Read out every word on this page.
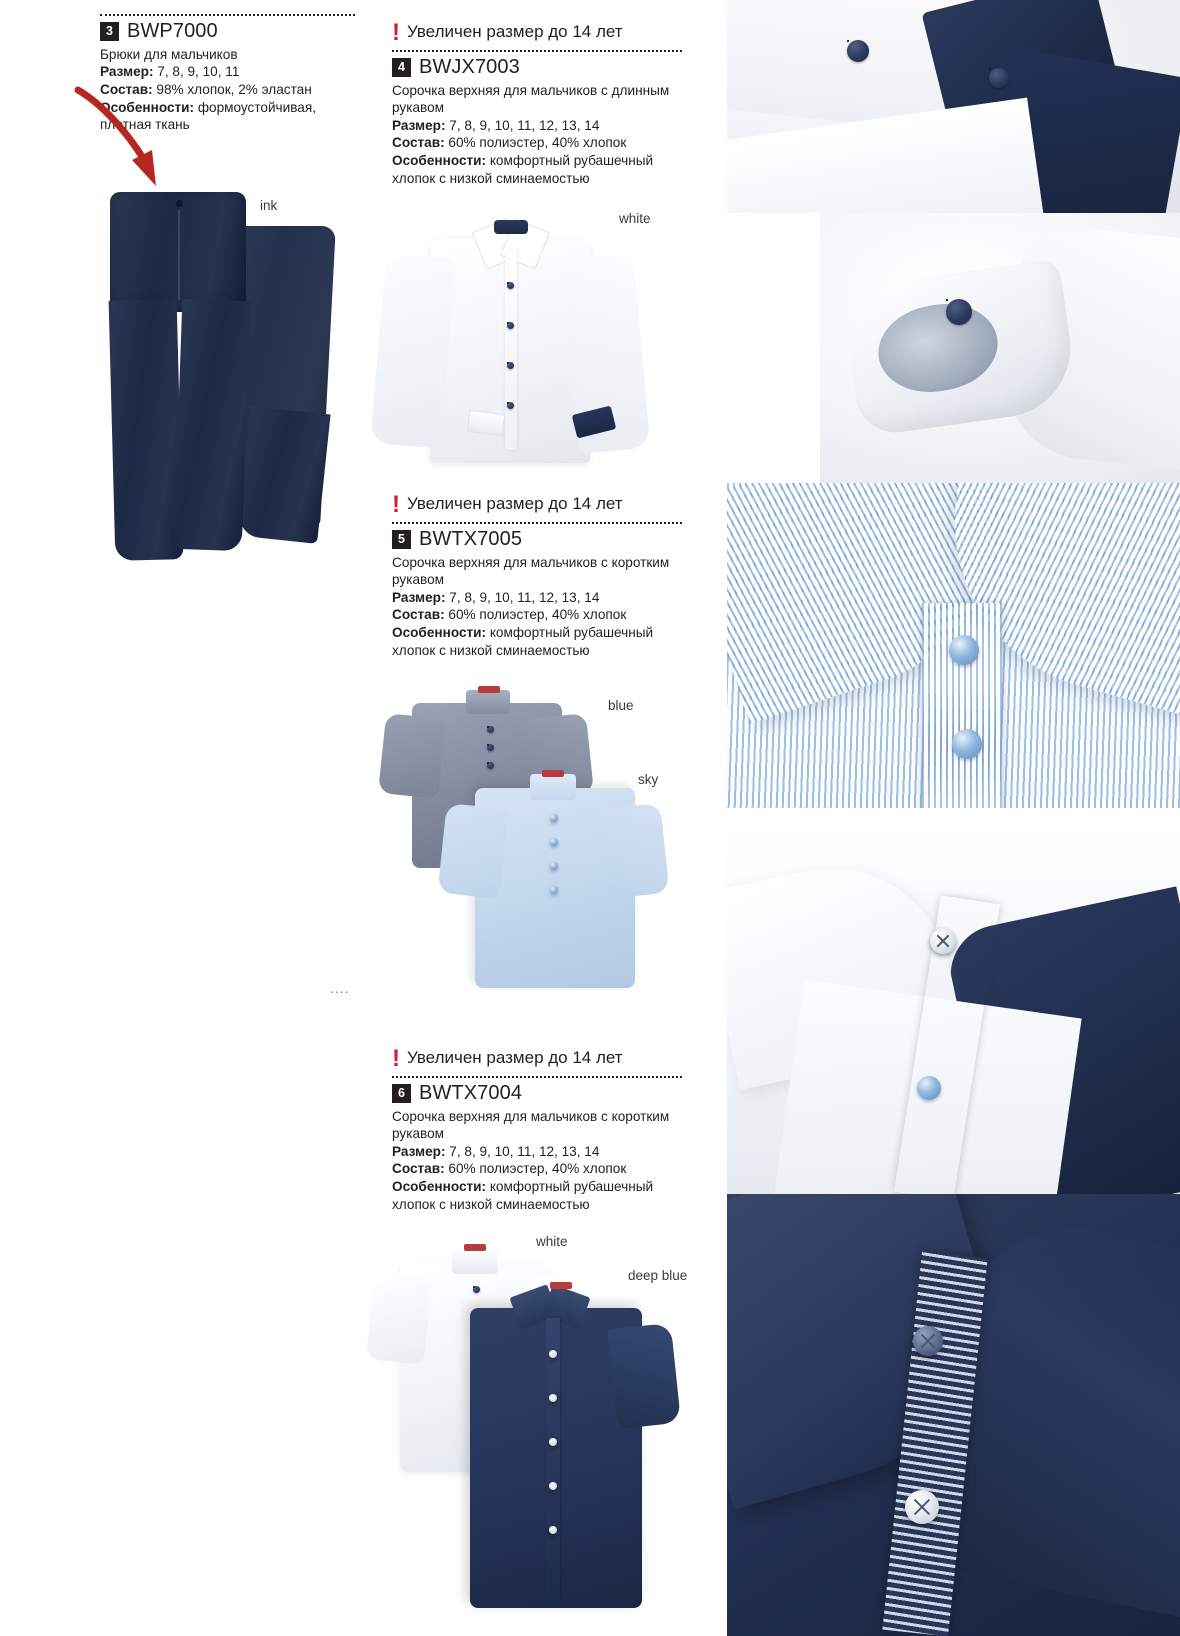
3 BWP7000
Брюки для мальчиков
Размер: 7, 8, 9, 10, 11
Состав: 98% хлопок, 2% эластан
Особенности: формоустойчивая, плотная ткань
ink
! Увеличен размер до 14 лет
4 BWJX7003
Сорочка верхняя для мальчиков с длинным рукавом
Размер: 7, 8, 9, 10, 11, 12, 13, 14
Состав: 60% полиэстер, 40% хлопок
Особенности: комфортный рубашечный хлопок с низкой сминаемостью
white
! Увеличен размер до 14 лет
5 BWTX7005
Сорочка верхняя для мальчиков с коротким рукавом
Размер: 7, 8, 9, 10, 11, 12, 13, 14
Состав: 60% полиэстер, 40% хлопок
Особенности: комфортный рубашечный хлопок с низкой сминаемостью
blue
sky
....
! Увеличен размер до 14 лет
6 BWTX7004
Сорочка верхняя для мальчиков с коротким рукавом
Размер: 7, 8, 9, 10, 11, 12, 13, 14
Состав: 60% полиэстер, 40% хлопок
Особенности: комфортный рубашечный хлопок с низкой сминаемостью
white
deep blue
